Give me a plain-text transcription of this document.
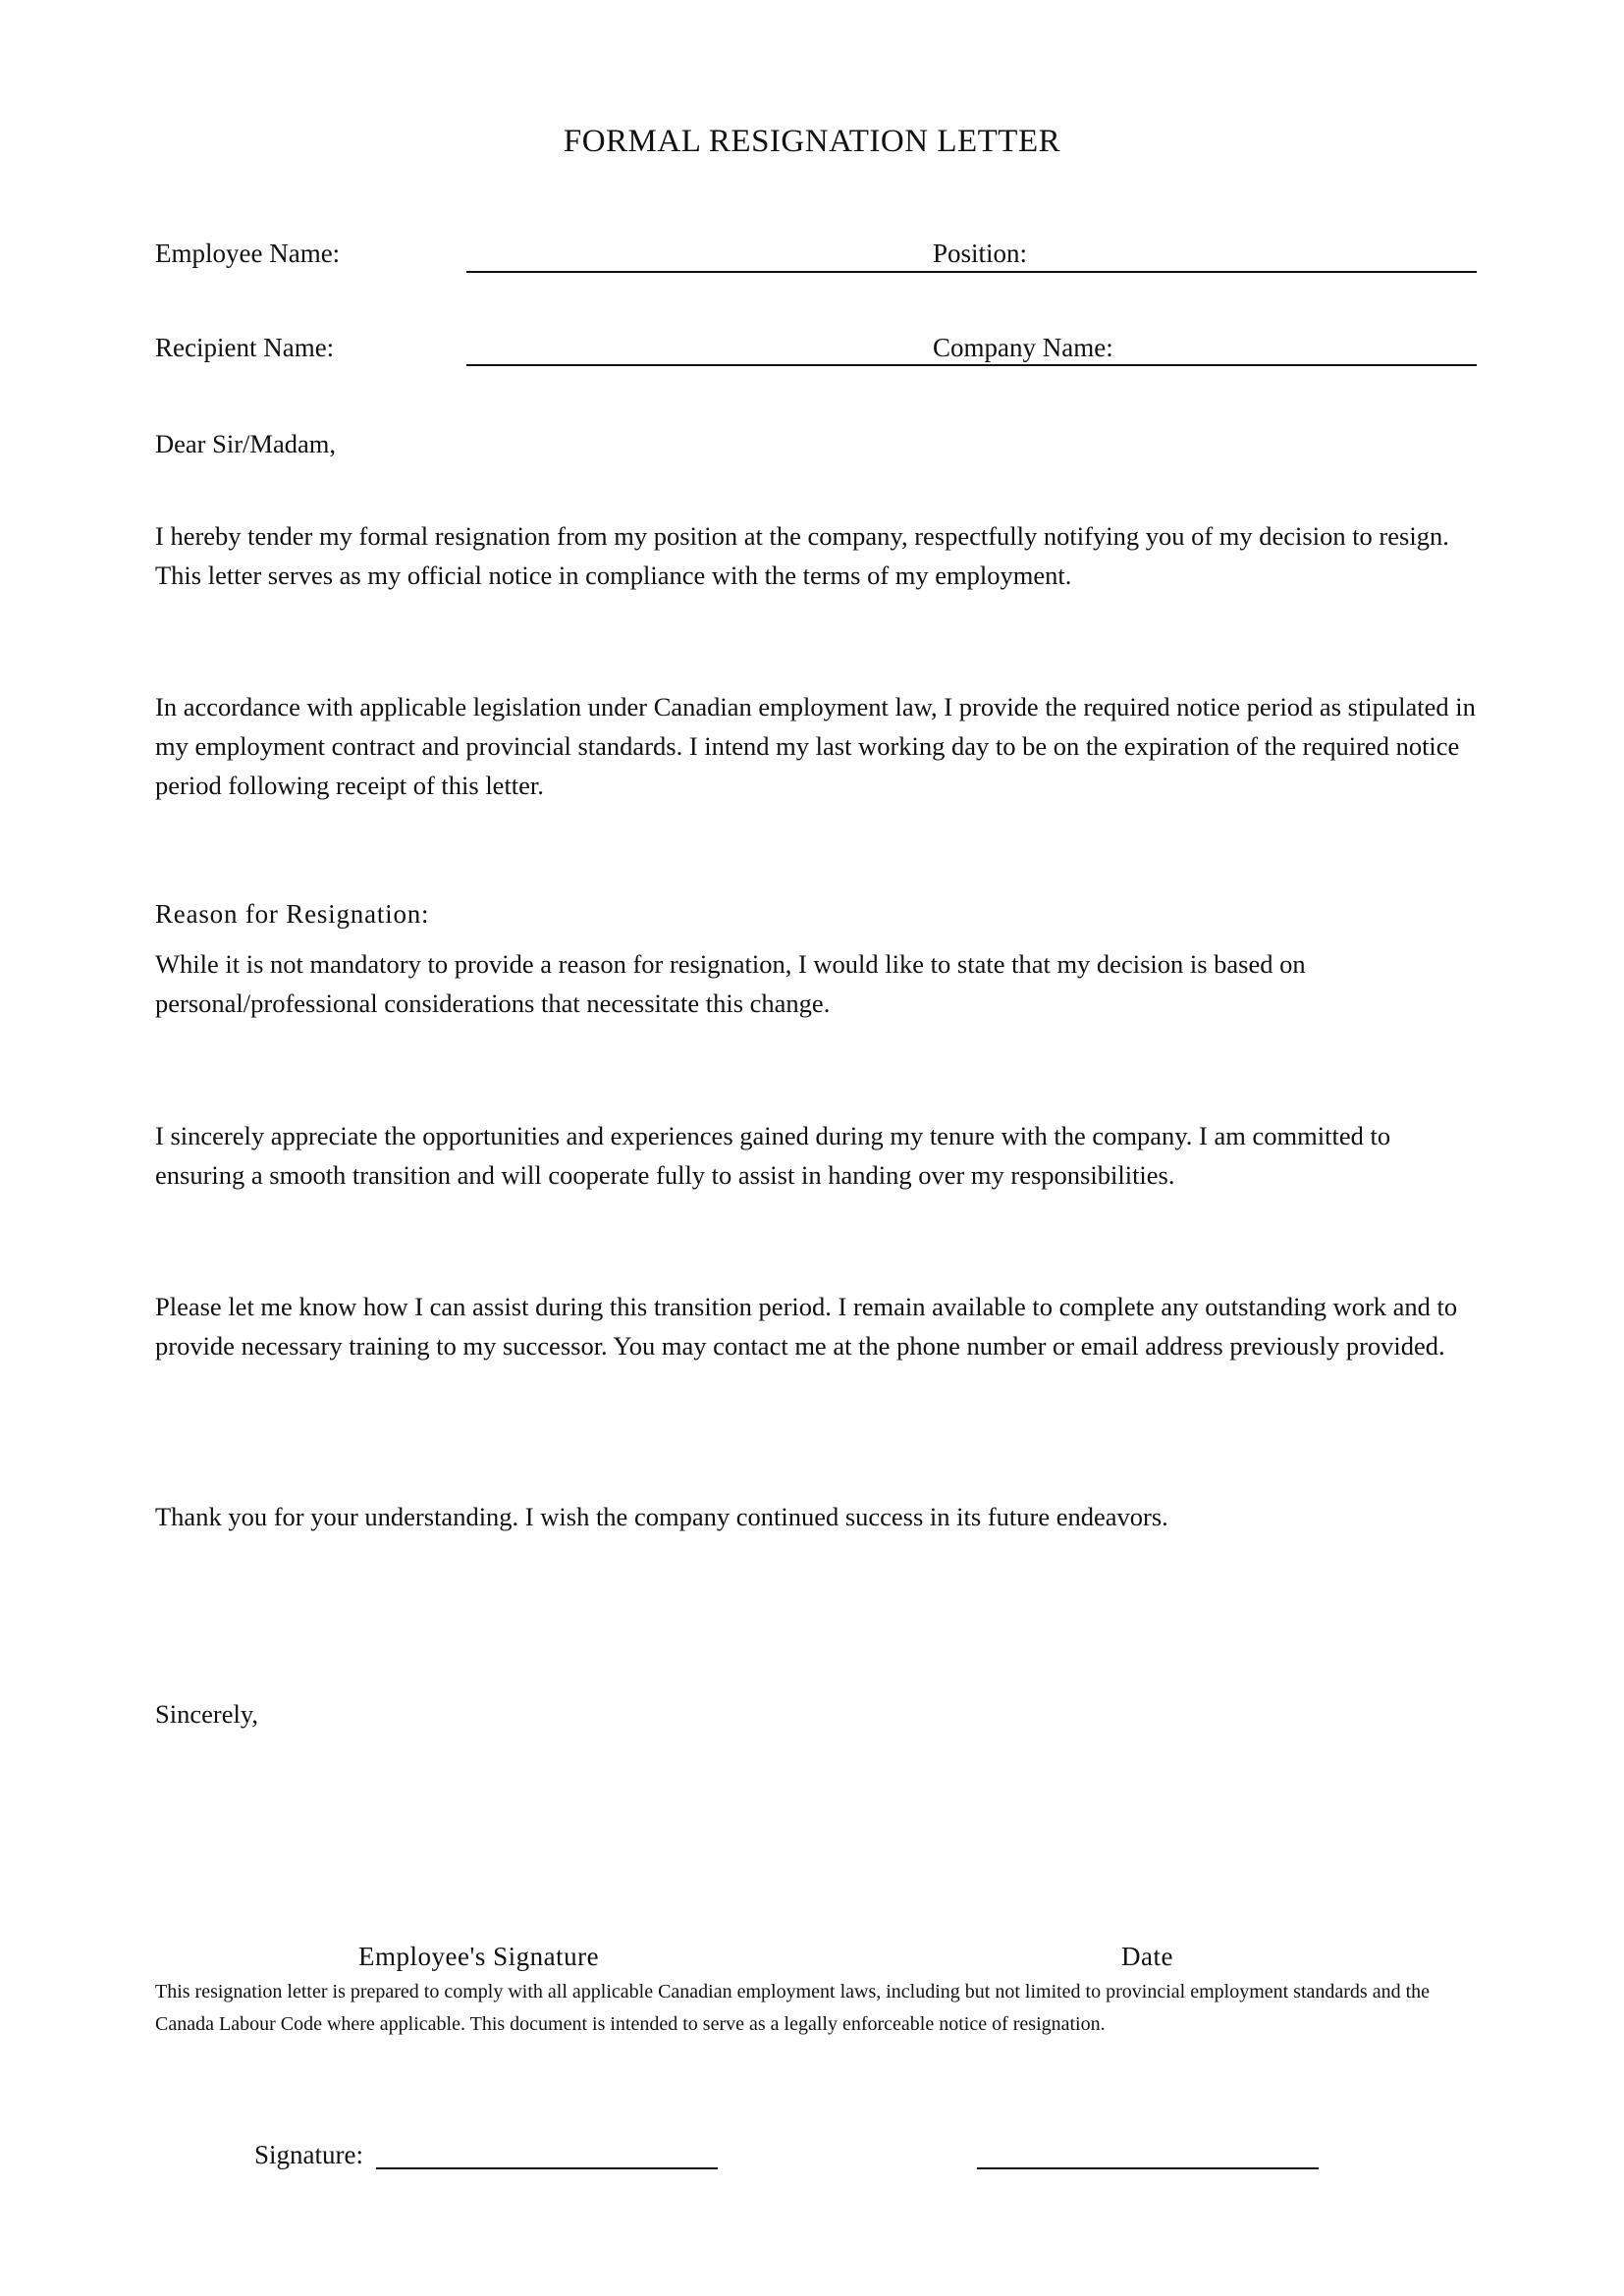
FORMAL RESIGNATION LETTER
Employee Name:	Position:
Recipient Name:	Company Name:
Dear Sir/Madam,

I hereby tender my formal resignation from my position at the company, respectfully notifying you of my decision to resign. This letter serves as my official notice in compliance with the terms of my employment.

In accordance with applicable legislation under Canadian employment law, I provide the required notice period as stipulated in my employment contract and provincial standards. I intend my last working day to be on the expiration of the required notice period following receipt of this letter.

Reason for Resignation:

While it is not mandatory to provide a reason for resignation, I would like to state that my decision is based on personal/professional considerations that necessitate this change.

I sincerely appreciate the opportunities and experiences gained during my tenure with the company. I am committed to ensuring a smooth transition and will cooperate fully to assist in handing over my responsibilities.

Please let me know how I can assist during this transition period. I remain available to complete any outstanding work and to provide necessary training to my successor. You may contact me at the phone number or email address previously provided.

Thank you for your understanding. I wish the company continued success in its future endeavors.

Sincerely,
Employee's Signature	Date

This resignation letter is prepared to comply with all applicable Canadian employment laws, including but not limited to provincial employment standards and the Canada Labour Code where applicable. This document is intended to serve as a legally enforceable notice of resignation.

Signature:
